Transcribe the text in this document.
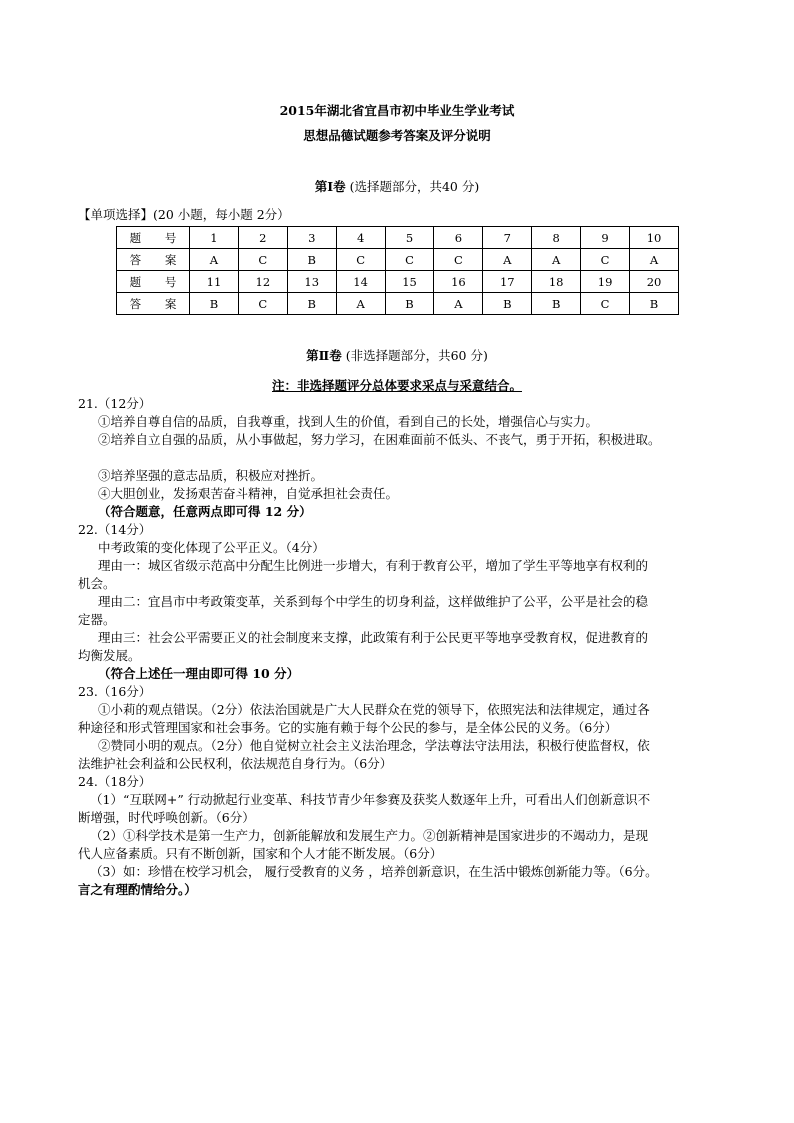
2015年湖北省宜昌市初中毕业生学业考试
思想品德试题参考答案及评分说明
第Ⅰ卷 (选择题部分，共40 分)
【单项选择】(20 小题，每小题 2分）
题 号	1	2	3	4	5	6	7	8	9	10
答 案	A	C	B	C	C	C	A	A	C	A
题 号	11	12	13	14	15	16	17	18	19	20
答 案	B	C	B	A	B	A	B	B	C	B
第Ⅱ卷 (非选择题部分，共60 分)
注：非选择题评分总体要求采点与采意结合。
21.（12分）
①培养自尊自信的品质，自我尊重，找到人生的价值，看到自己的长处，增强信心与实力。
②培养自立自强的品质，从小事做起，努力学习，在困难面前不低头、不丧气，勇于开拓，积极进取。
③培养坚强的意志品质，积极应对挫折。
④大胆创业，发扬艰苦奋斗精神，自觉承担社会责任。
（符合题意，任意两点即可得 12 分）
22.（14分）
中考政策的变化体现了公平正义。（4分）
理由一：城区省级示范高中分配生比例进一步增大，有利于教育公平，增加了学生平等地享有权利的
机会。
理由二：宜昌市中考政策变革，关系到每个中学生的切身利益，这样做维护了公平，公平是社会的稳
定器。
理由三：社会公平需要正义的社会制度来支撑，此政策有利于公民更平等地享受教育权，促进教育的
均衡发展。
（符合上述任一理由即可得 10 分）
23.（16分）
①小莉的观点错误。（2分）依法治国就是广大人民群众在党的领导下，依照宪法和法律规定，通过各
种途径和形式管理国家和社会事务。它的实施有赖于每个公民的参与，是全体公民的义务。（6分）
②赞同小明的观点。（2分）他自觉树立社会主义法治理念，学法尊法守法用法，积极行使监督权，依
法维护社会利益和公民权利，依法规范自身行为。（6分）
24.（18分）
（1）“互联网+” 行动掀起行业变革、科技节青少年参赛及获奖人数逐年上升，可看出人们创新意识不
断增强，时代呼唤创新。（6分）
（2）①科学技术是第一生产力，创新能解放和发展生产力。②创新精神是国家进步的不竭动力，是现
代人应备素质。只有不断创新，国家和个人才能不断发展。（6分）
（3）如：珍惜在校学习机会， 履行受教育的义务 ，培养创新意识，在生活中锻炼创新能力等。（6分。
言之有理酌情给分。）
